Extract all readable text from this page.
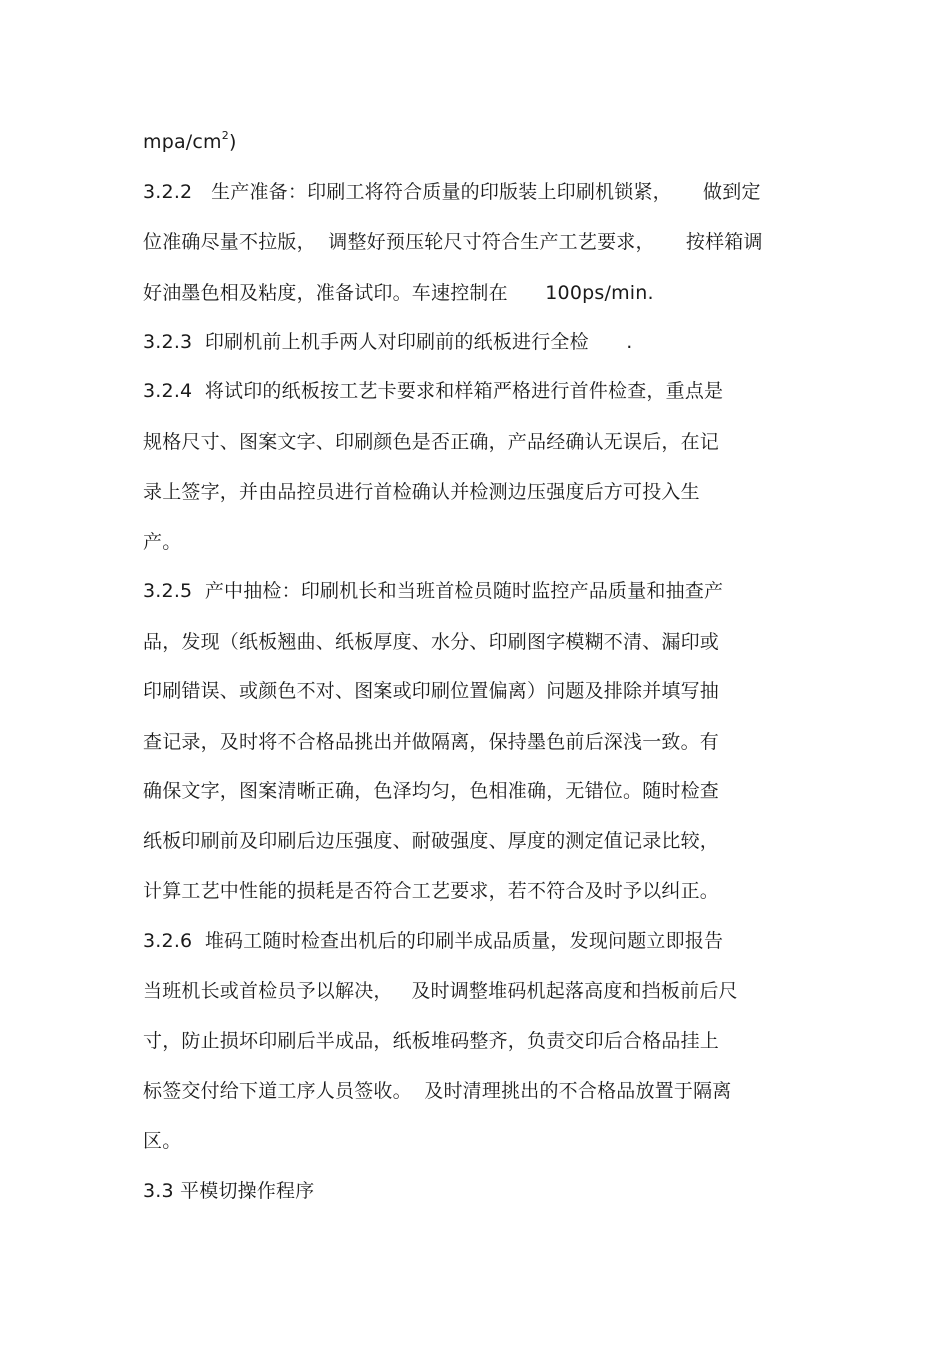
mpa/$cm^2$)
3.2.2   生产准备：印刷工将符合质量的印版装上印刷机锁紧，     做到定
位准确尽量不拉版，  调整好预压轮尺寸符合生产工艺要求，     按样箱调
好油墨色相及粘度，准备试印。车速控制在      100ps/min.
3.2.3  印刷机前上机手两人对印刷前的纸板进行全检      .
3.2.4  将试印的纸板按工艺卡要求和样箱严格进行首件检查，重点是
规格尺寸、图案文字、印刷颜色是否正确，产品经确认无误后，在记
录上签字，并由品控员进行首检确认并检测边压强度后方可投入生
产。
3.2.5  产中抽检：印刷机长和当班首检员随时监控产品质量和抽查产
品，发现（纸板翘曲、纸板厚度、水分、印刷图字模糊不清、漏印或
印刷错误、或颜色不对、图案或印刷位置偏离）问题及排除并填写抽
查记录，及时将不合格品挑出并做隔离，保持墨色前后深浅一致。有
确保文字，图案清晰正确，色泽均匀，色相准确，无错位。随时检查
纸板印刷前及印刷后边压强度、耐破强度、厚度的测定值记录比较，
计算工艺中性能的损耗是否符合工艺要求，若不符合及时予以纠正。
3.2.6  堆码工随时检查出机后的印刷半成品质量，发现问题立即报告
当班机长或首检员予以解决，   及时调整堆码机起落高度和挡板前后尺
寸，防止损坏印刷后半成品，纸板堆码整齐，负责交印后合格品挂上
标签交付给下道工序人员签收。  及时清理挑出的不合格品放置于隔离
区。
3.3 平模切操作程序
